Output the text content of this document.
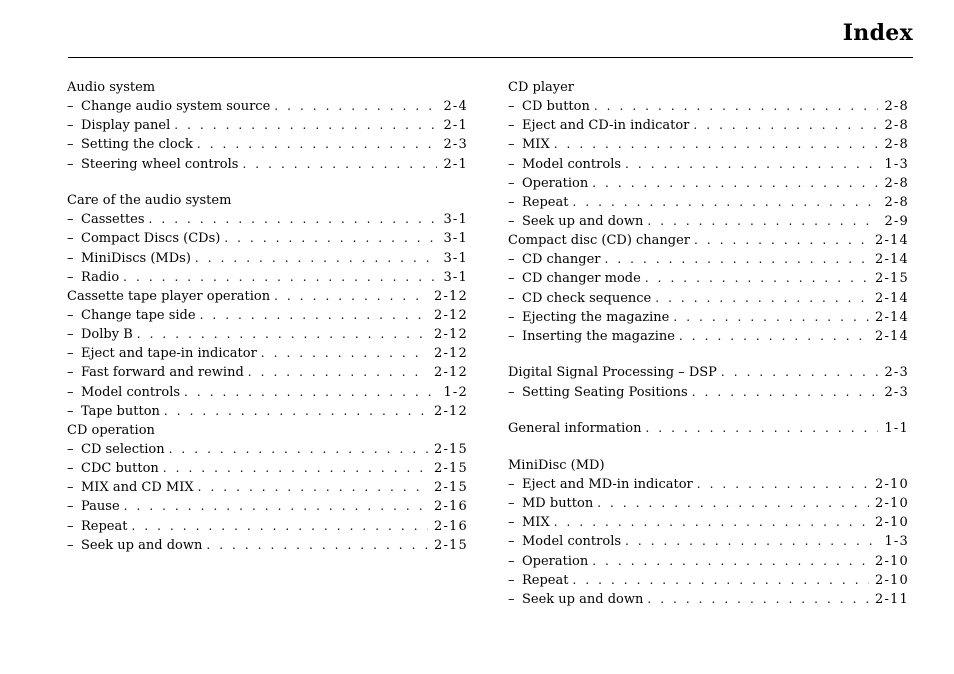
Index
Audio system
– Change audio system source . . .	2-4
– Display panel . . .	2-1
– Setting the clock . . .	2-3
– Steering wheel controls . . .	2-1
Care of the audio system
– Cassettes . . .	3-1
– Compact Discs (CDs) . . .	3-1
– MiniDiscs (MDs) . . .	3-1
– Radio . . .	3-1
Cassette tape player operation . . .	2-12
– Change tape side . . .	2-12
– Dolby B . . .	2-12
– Eject and tape-in indicator . . .	2-12
– Fast forward and rewind . . .	2-12
– Model controls . . .	1-2
– Tape button . . .	2-12
CD operation
– CD selection . . .	2-15
– CDC button . . .	2-15
– MIX and CD MIX . . .	2-15
– Pause . . .	2-16
– Repeat . . .	2-16
– Seek up and down . . .	2-15
CD player
– CD button . . .	2-8
– Eject and CD-in indicator . . .	2-8
– MIX . . .	2-8
– Model controls . . .	1-3
– Operation . . .	2-8
– Repeat . . .	2-8
– Seek up and down . . .	2-9
Compact disc (CD) changer . . .	2-14
– CD changer . . .	2-14
– CD changer mode . . .	2-15
– CD check sequence . . .	2-14
– Ejecting the magazine . . .	2-14
– Inserting the magazine . . .	2-14
Digital Signal Processing – DSP . . .	2-3
– Setting Seating Positions . . .	2-3
General information . . .	1-1
MiniDisc (MD)
– Eject and MD-in indicator . . .	2-10
– MD button . . .	2-10
– MIX . . .	2-10
– Model controls . . .	1-3
– Operation . . .	2-10
– Repeat . . .	2-10
– Seek up and down . . .	2-11
